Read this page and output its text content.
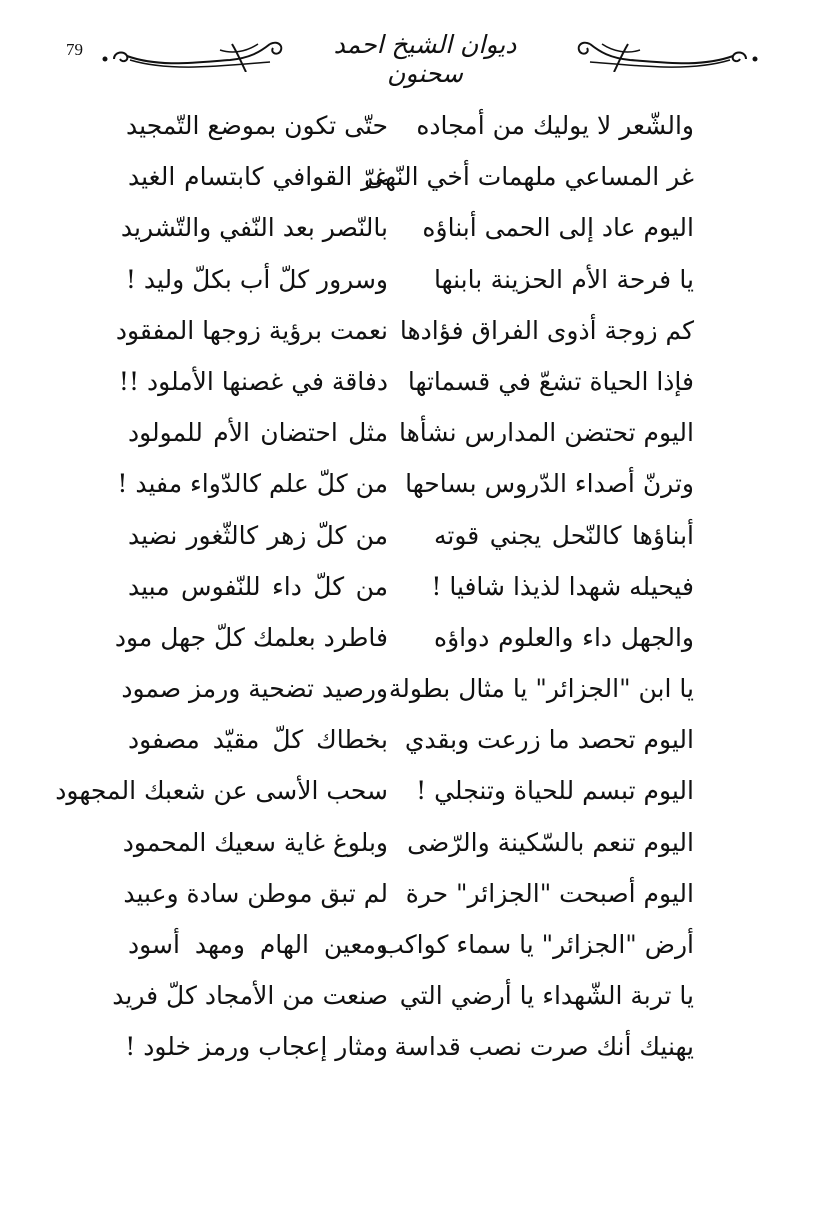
79	ديوان الشيخ احمد سحنون
والشّعر لا يوليك من أمجاده
حتّى تكون بموضع التّمجيد
غر المساعي ملهمات أخي النّهى
غرّ القوافي كابتسام الغيد
اليوم عاد إلى الحمى أبناؤه
بالنّصر بعد النّفي والتّشريد
يا فرحة الأم الحزينة بابنها
وسرور كلّ أب بكلّ وليد !
كم زوجة أذوى الفراق فؤادها
نعمت برؤية زوجها المفقود
فإذا الحياة تشعّ في قسماتها
دفاقة في غصنها الأملود !!
اليوم تحتضن المدارس نشأها
مثل احتضان الأم للمولود
وترنّ أصداء الدّروس بساحها
من كلّ علم كالدّواء مفيد !
أبناؤها كالنّحل يجني قوته
من كلّ زهر كالثّغور نضيد
فيحيله شهدا لذيذا شافيا !
من كلّ داء للنّفوس مبيد
والجهل داء والعلوم دواؤه
فاطرد بعلمك كلّ جهل مود
يا ابن "الجزائر" يا مثال بطولة
ورصيد تضحية ورمز صمود
اليوم تحصد ما زرعت وبقدي
بخطاك كلّ مقيّد مصفود
اليوم تبسم للحياة وتنجلي !
سحب الأسى عن شعبك المجهود
اليوم تنعم بالسّكينة والرّضى
وبلوغ غاية سعيك المحمود
اليوم أصبحت "الجزائر" حرة
لم تبق موطن سادة وعبيد
أرض "الجزائر" يا سماء كواكب
ومعين الهام ومهد أسود
يا تربة الشّهداء يا أرضي التي
صنعت من الأمجاد كلّ فريد
يهنيك أنك صرت نصب قداسة
ومثار إعجاب ورمز خلود !
